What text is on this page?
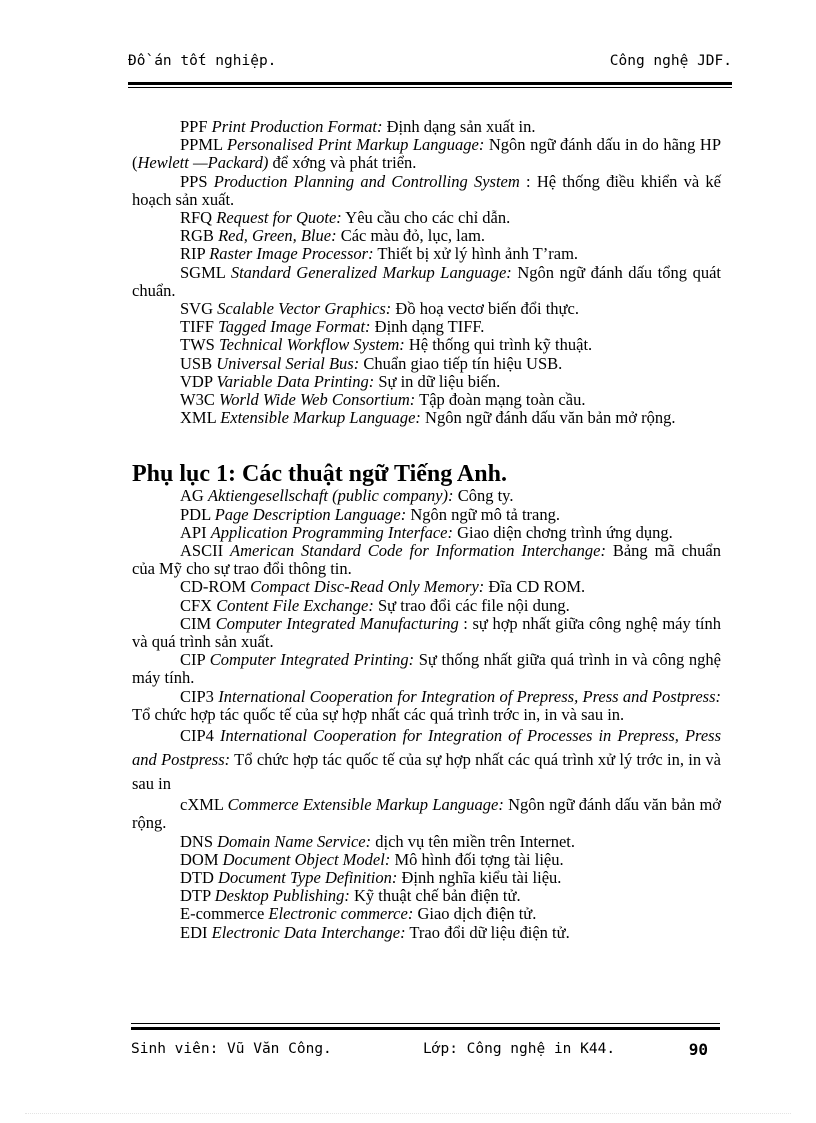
Đồ án tốt nghiệp.	Công nghệ JDF.

PPF Print Production Format: Định dạng sản xuất in.

PPML Personalised Print Markup Language: Ngôn ngữ đánh dấu in do hãng HP (Hewlett —Packard) để xớng và phát triển.

PPS Production Planning and Controlling System : Hệ thống điều khiển và kế hoạch sản xuất.

RFQ Request for Quote: Yêu cầu cho các chỉ dẫn.

RGB Red, Green, Blue: Các màu đỏ, lục, lam.

RIP Raster Image Processor: Thiết bị xử lý hình ảnh T’ram.

SGML Standard Generalized Markup Language: Ngôn ngữ đánh dấu tổng quát chuẩn.

SVG Scalable Vector Graphics: Đồ hoạ vectơ biến đổi thực.

TIFF Tagged Image Format: Định dạng TIFF.

TWS Technical Workflow System: Hệ thống qui trình kỹ thuật.

USB Universal Serial Bus: Chuẩn giao tiếp tín hiệu USB.

VDP Variable Data Printing: Sự in dữ liệu biến.

W3C World Wide Web Consortium: Tập đoàn mạng toàn cầu.

XML Extensible Markup Language: Ngôn ngữ đánh dấu văn bản mở rộng.

Phụ lục 1: Các thuật ngữ Tiếng Anh.

AG Aktiengesellschaft (public company): Công ty.

PDL Page Description Language: Ngôn ngữ mô tả trang.

API Application Programming Interface: Giao diện chơng trình ứng dụng.

ASCII American Standard Code for Information Interchange: Bảng mã chuẩn của Mỹ cho sự trao đổi thông tin.

CD-ROM Compact Disc-Read Only Memory: Đĩa CD ROM.

CFX Content File Exchange: Sự trao đổi các file nội dung.

CIM Computer Integrated Manufacturing : sự hợp nhất giữa công nghệ máy tính và quá trình sản xuất.

CIP Computer Integrated Printing: Sự thống nhất giữa quá trình in và công nghệ máy tính.

CIP3 International Cooperation for Integration of Prepress, Press and Postpress: Tổ chức hợp tác quốc tế của sự hợp nhất các quá trình trớc in, in và sau in.

CIP4 International Cooperation for Integration of Processes in Prepress, Press and Postpress: Tổ chức hợp tác quốc tế của sự hợp nhất các quá trình xử lý trớc in, in và sau in

cXML Commerce Extensible Markup Language: Ngôn ngữ đánh dấu văn bản mở rộng.

DNS Domain Name Service: dịch vụ tên miền trên Internet.

DOM Document Object Model: Mô hình đối tợng tài liệu.

DTD Document Type Definition: Định nghĩa kiểu tài liệu.

DTP Desktop Publishing: Kỹ thuật chế bản điện tử.

E-commerce Electronic commerce: Giao dịch điện tử.

EDI Electronic Data Interchange: Trao đổi dữ liệu điện tử.

Sinh viên: Vũ Văn Công.	Lớp: Công nghệ in K44.	90
